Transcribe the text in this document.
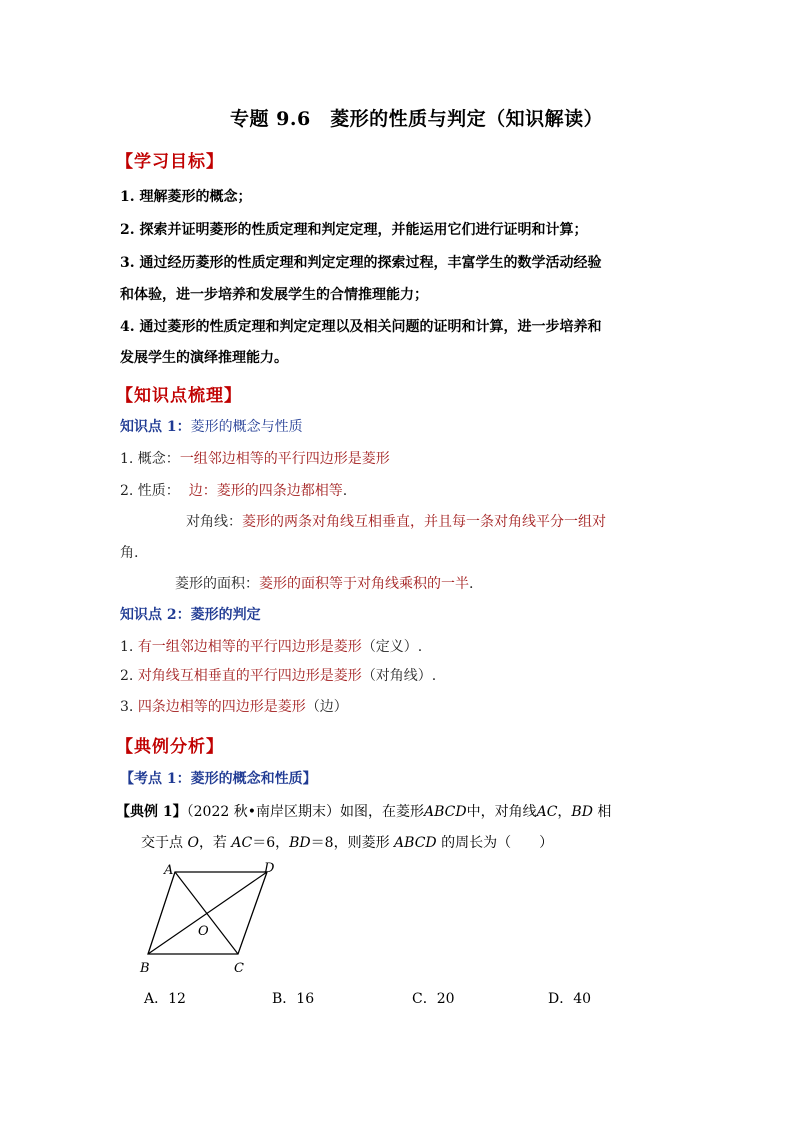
专题 9.6　菱形的性质与判定（知识解读）
【学习目标】
1. 理解菱形的概念；
2. 探索并证明菱形的性质定理和判定定理，并能运用它们进行证明和计算；
3. 通过经历菱形的性质定理和判定定理的探索过程，丰富学生的数学活动经验
和体验，进一步培养和发展学生的合情推理能力；
4. 通过菱形的性质定理和判定定理以及相关问题的证明和计算，进一步培养和
发展学生的演绎推理能力。
【知识点梳理】
知识点 1：菱形的概念与性质
1. 概念：一组邻边相等的平行四边形是菱形
2. 性质： 边：菱形的四条边都相等.
对角线：菱形的两条对角线互相垂直，并且每一条对角线平分一组对
角.
菱形的面积：菱形的面积等于对角线乘积的一半.
知识点 2：菱形的判定
1. 有一组邻边相等的平行四边形是菱形（定义）.
2. 对角线互相垂直的平行四边形是菱形（对角线）.
3. 四条边相等的四边形是菱形（边）
【典例分析】
【考点 1：菱形的概念和性质】
【典例 1】（2022 秋•南岸区期末）如图，在菱形ABCD中，对角线AC，BD 相
交于点 O，若 AC＝6，BD＝8，则菱形 ABCD 的周长为（　　）
A	D
B	C
O
A．12	B．16	C．20	D．40
